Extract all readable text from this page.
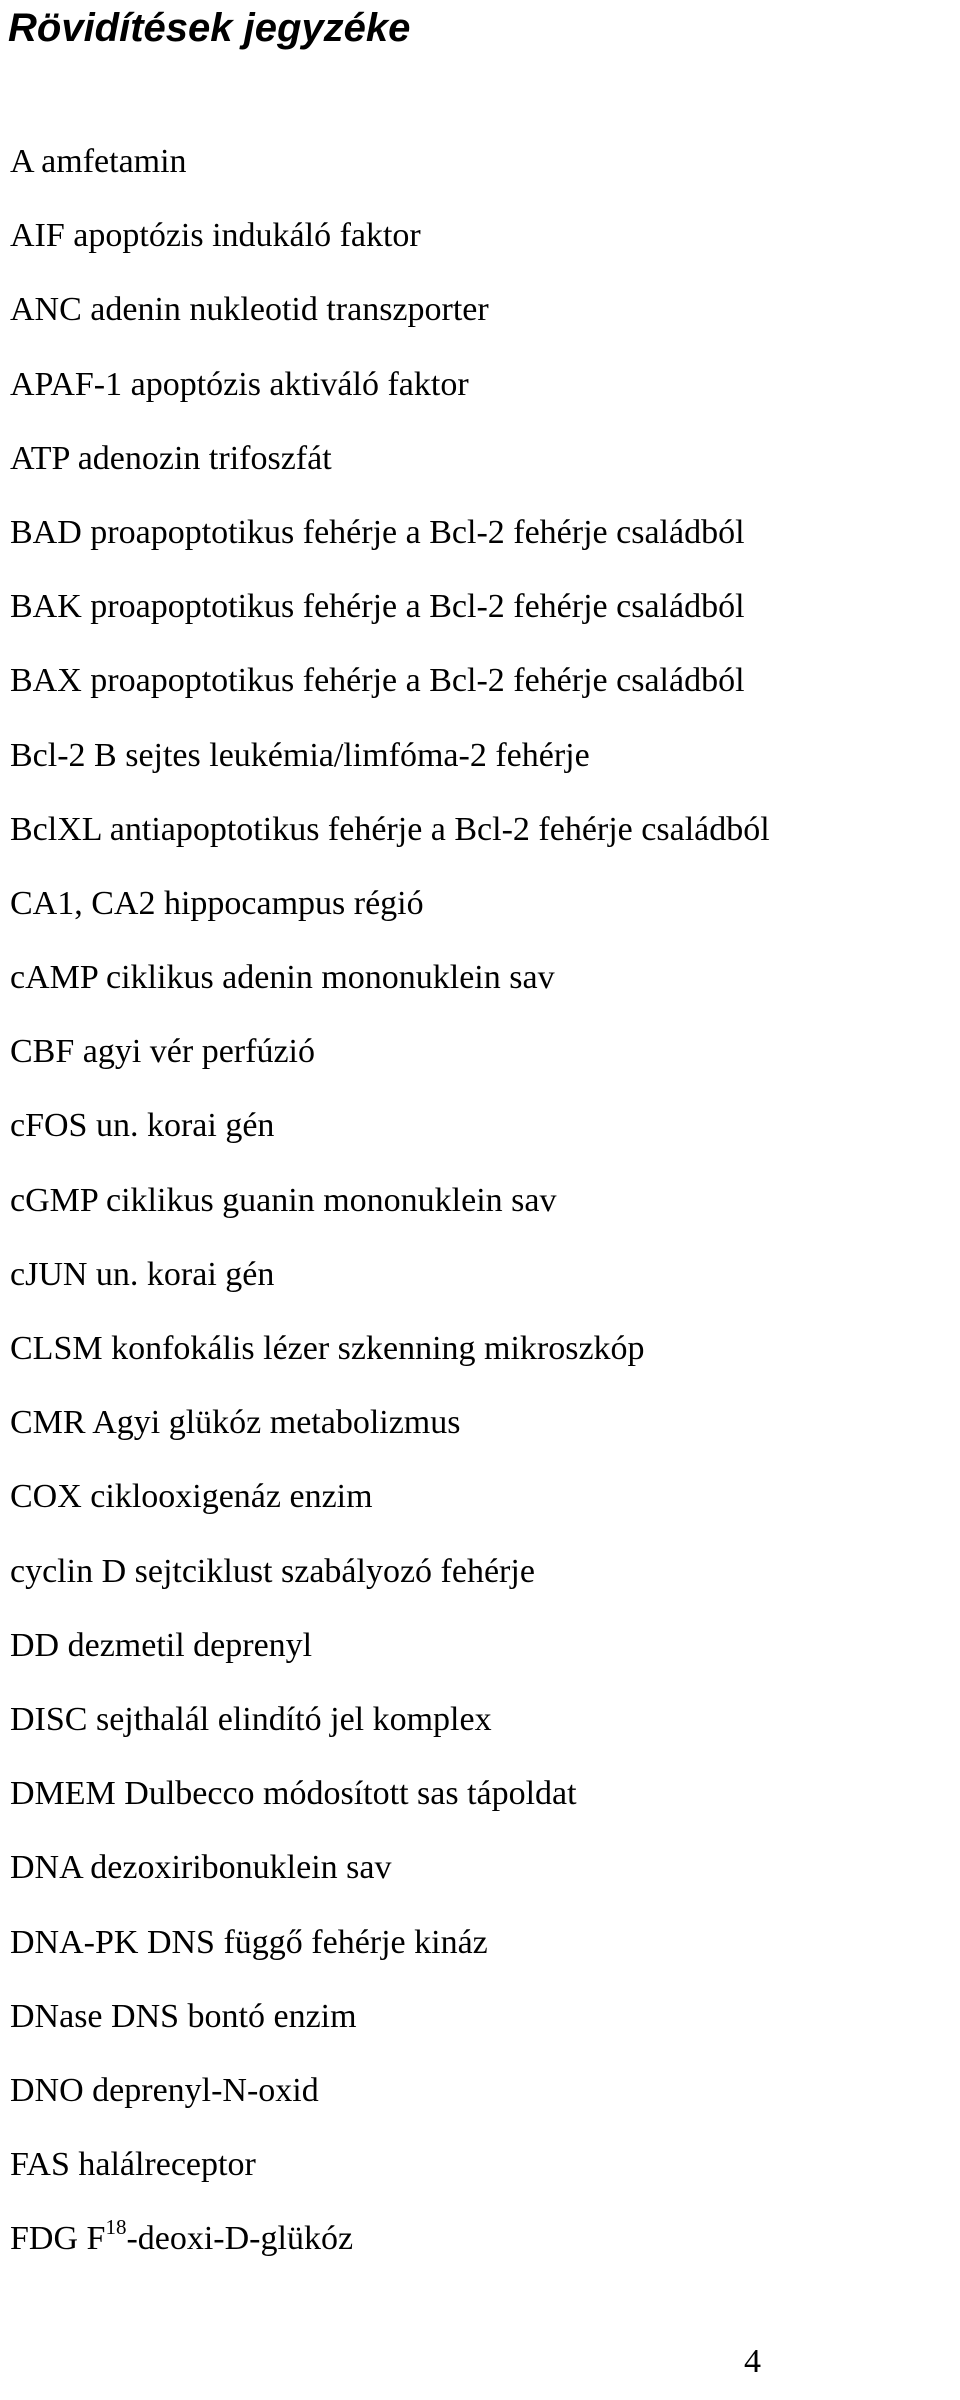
Rövidítések jegyzéke
A amfetamin
AIF apoptózis indukáló faktor
ANC adenin nukleotid transzporter
APAF-1 apoptózis aktiváló faktor
ATP adenozin trifoszfát
BAD proapoptotikus fehérje a Bcl-2 fehérje családból
BAK proapoptotikus fehérje a Bcl-2 fehérje családból
BAX proapoptotikus fehérje a Bcl-2 fehérje családból
Bcl-2 B sejtes leukémia/limfóma-2 fehérje
BclXL antiapoptotikus fehérje a Bcl-2 fehérje családból
CA1, CA2 hippocampus régió
cAMP ciklikus adenin mononuklein sav
CBF agyi vér perfúzió
cFOS un. korai gén
cGMP ciklikus guanin mononuklein sav
cJUN un. korai gén
CLSM konfokális lézer szkenning mikroszkóp
CMR Agyi glükóz metabolizmus
COX ciklooxigenáz enzim
cyclin D sejtciklust szabályozó fehérje
DD dezmetil deprenyl
DISC sejthalál elindító jel komplex
DMEM Dulbecco módosított sas tápoldat
DNA dezoxiribonuklein sav
DNA-PK DNS függő fehérje kináz
DNase DNS bontó enzim
DNO deprenyl-N-oxid
FAS halálreceptor
FDG $F^{18}-deoxi-D$-glükóz
4
